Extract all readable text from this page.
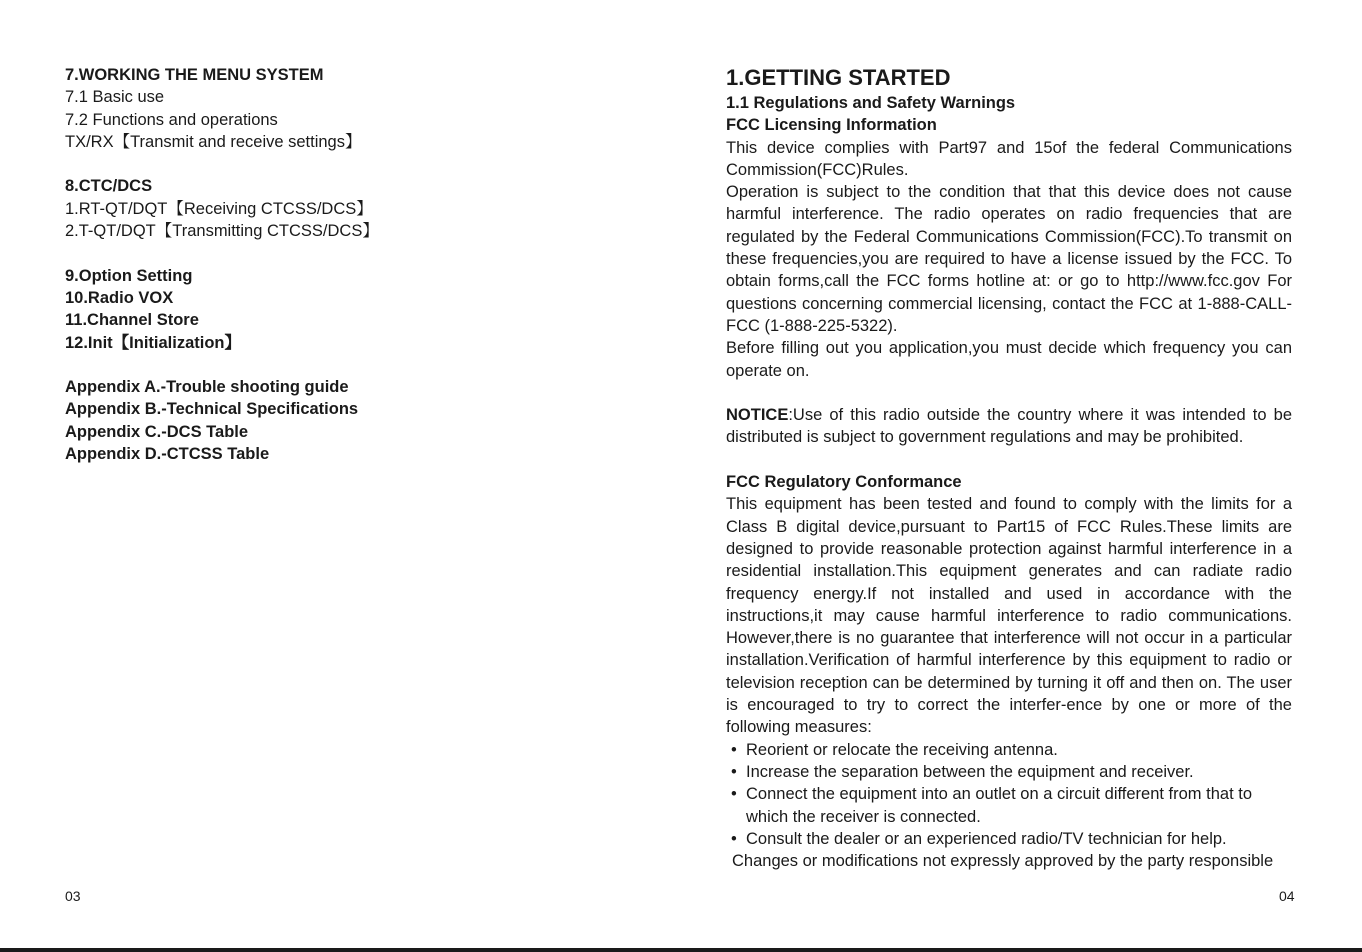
7.WORKING THE MENU SYSTEM
7.1 Basic use
7.2 Functions and operations
TX/RX【Transmit and receive settings】
8.CTC/DCS
1.RT-QT/DQT【Receiving CTCSS/DCS】
2.T-QT/DQT【Transmitting CTCSS/DCS】
9.Option Setting
10.Radio VOX
11.Channel Store
12.Init【Initialization】
Appendix A.-Trouble shooting guide
Appendix B.-Technical Specifications
Appendix C.-DCS Table
Appendix D.-CTCSS Table
03
1.GETTING STARTED
1.1 Regulations and Safety Warnings
FCC Licensing Information

This device complies with Part97 and 15of the federal Communications Commission(FCC)Rules.

Operation is subject to the condition that that this device does not cause harmful interference. The radio operates on radio frequencies that are regulated by the Federal Communications Commission(FCC).To transmit on these frequencies,you are required to have a license issued by the FCC. To obtain forms,call the FCC forms hotline at: or go to http://www.fcc.gov For questions concerning commercial licensing, contact the FCC at 1-888-CALL-FCC (1-888-225-5322).

Before filling out you application,you must decide which frequency you can operate on.

NOTICE:Use of this radio outside the country where it was intended to be distributed is subject to government regulations and may be prohibited.

FCC Regulatory Conformance

This equipment has been tested and found to comply with the limits for a Class B digital device,pursuant to Part15 of FCC Rules.These limits are designed to provide reasonable protection against harmful interference in a residential installation.This equipment generates and can radiate radio frequency energy.If not installed and used in accordance with the instructions,it may cause harmful interference to radio communications. However,there is no guarantee that interference will not occur in a particular installation.Verification of harmful interference by this equipment to radio or television reception can be determined by turning it off and then on. The user is encouraged to try to correct the interfer-ence by one or more of the following measures:

• Reorient or relocate the receiving antenna.
• Increase the separation between the equipment and receiver.
• Connect the equipment into an outlet on a circuit different from that to which the receiver is connected.
• Consult the dealer or an experienced radio/TV technician for help.
Changes or modifications not expressly approved by the party responsible
04
